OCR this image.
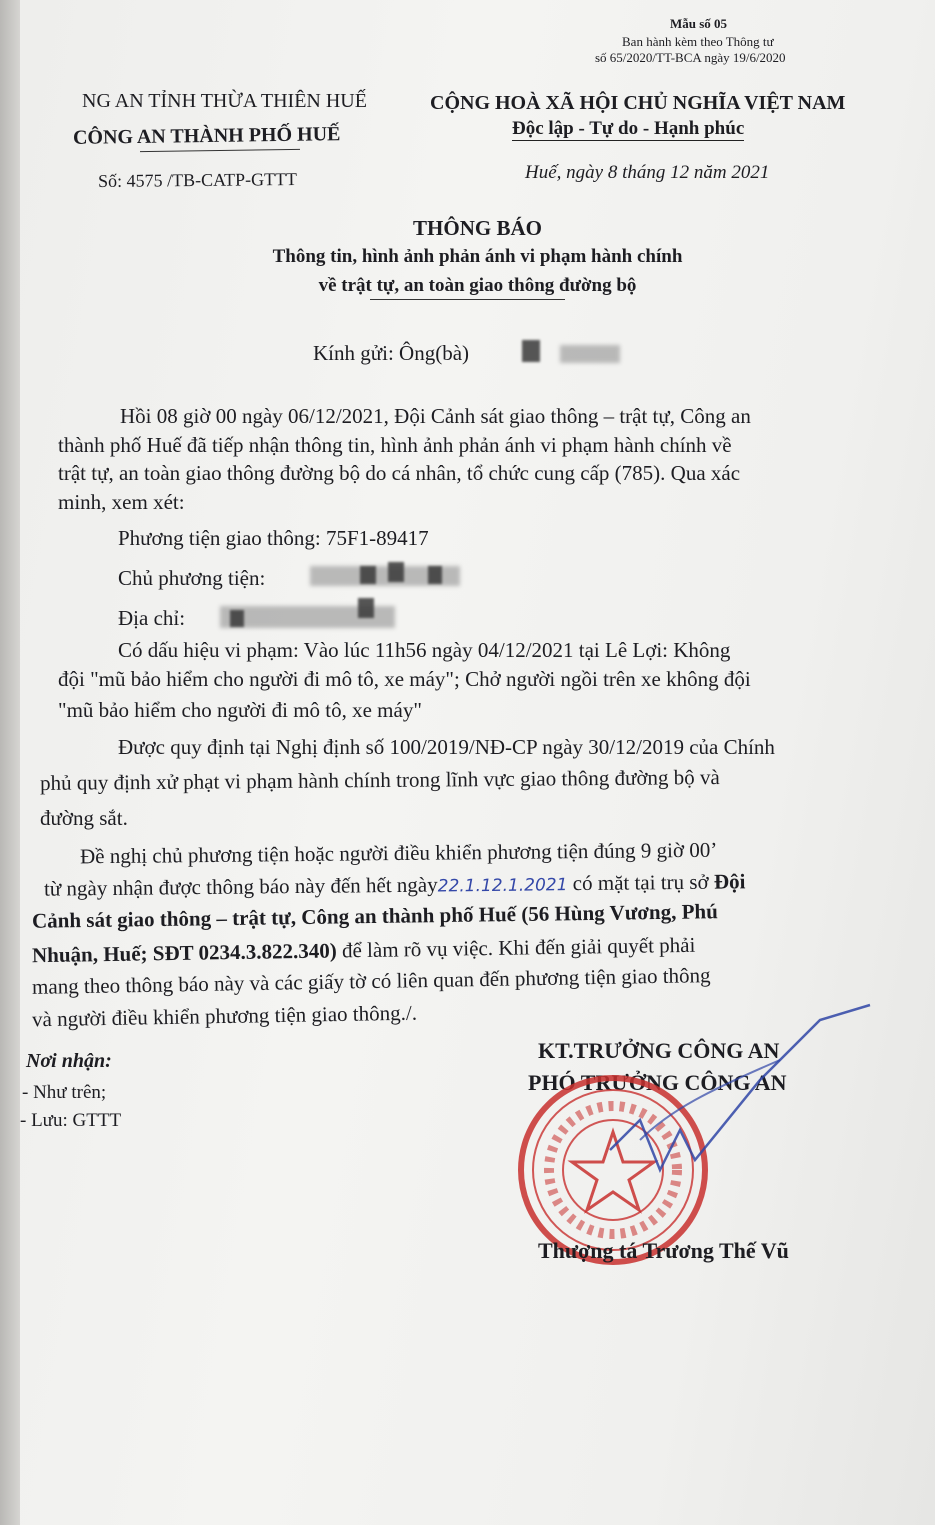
Mẫu số 05
Ban hành kèm theo Thông tư
số 65/2020/TT-BCA ngày 19/6/2020
NG AN TỈNH THỪA THIÊN HUẾ
CÔNG AN THÀNH PHỐ HUẾ
CỘNG HOÀ XÃ HỘI CHỦ NGHĨA VIỆT NAM
Độc lập - Tự do - Hạnh phúc
Số: 4575 /TB-CATP-GTTT	Huế, ngày 8 tháng 12 năm 2021
THÔNG BÁO
Thông tin, hình ảnh phản ánh vi phạm hành chính
về trật tự, an toàn giao thông đường bộ
Kính gửi: Ông(bà)
Hồi 08 giờ 00 ngày 06/12/2021, Đội Cảnh sát giao thông – trật tự, Công an
thành phố Huế đã tiếp nhận thông tin, hình ảnh phản ánh vi phạm hành chính về
trật tự, an toàn giao thông đường bộ do cá nhân, tổ chức cung cấp (785). Qua xác
minh, xem xét:
Phương tiện giao thông: 75F1-89417
Chủ phương tiện:
Địa chỉ:
Có dấu hiệu vi phạm: Vào lúc 11h56 ngày 04/12/2021 tại Lê Lợi: Không
đội "mũ bảo hiểm cho người đi mô tô, xe máy"; Chở người ngồi trên xe không đội
"mũ bảo hiểm cho người đi mô tô, xe máy"
Được quy định tại Nghị định số 100/2019/NĐ-CP ngày 30/12/2019 của Chính
phủ quy định xử phạt vi phạm hành chính trong lĩnh vực giao thông đường bộ và
đường sắt.
Đề nghị chủ phương tiện hoặc người điều khiển phương tiện đúng 9 giờ 00’
từ ngày nhận được thông báo này đến hết ngày22.1.12.1.2021 có mặt tại trụ sở Đội
Cảnh sát giao thông – trật tự, Công an thành phố Huế (56 Hùng Vương, Phú
Nhuận, Huế; SĐT 0234.3.822.340) để làm rõ vụ việc. Khi đến giải quyết phải
mang theo thông báo này và các giấy tờ có liên quan đến phương tiện giao thông
và người điều khiển phương tiện giao thông./.
Nơi nhận:
- Như trên;
- Lưu: GTTT
KT.TRƯỞNG CÔNG AN
PHÓ TRƯỞNG CÔNG AN
Thượng tá Trương Thế Vũ
